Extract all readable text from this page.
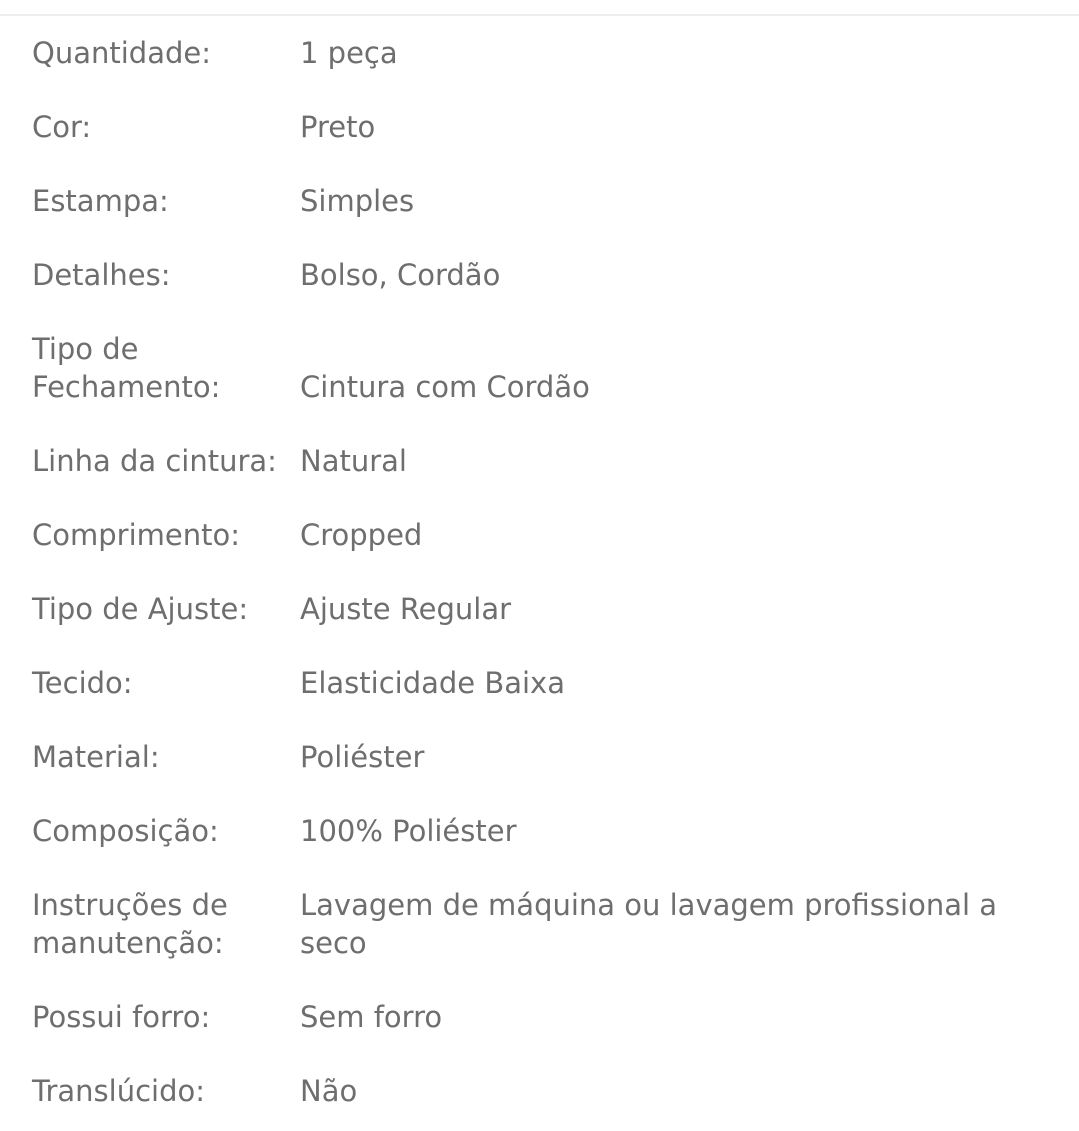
Quantidade:	1 peça
Cor:	Preto
Estampa:	Simples
Detalhes:	Bolso, Cordão
Tipo de
Fechamento:	Cintura com Cordão
Linha da cintura: Natural
Comprimento:	Cropped
Tipo de Ajuste:	Ajuste Regular
Tecido:	Elasticidade Baixa
Material:	Poliéster
Composição:	100% Poliéster
Instruções de
manutenção:
Lavagem de máquina ou lavagem profissional a
seco
Possui forro:	Sem forro
Translúcido:	Não
